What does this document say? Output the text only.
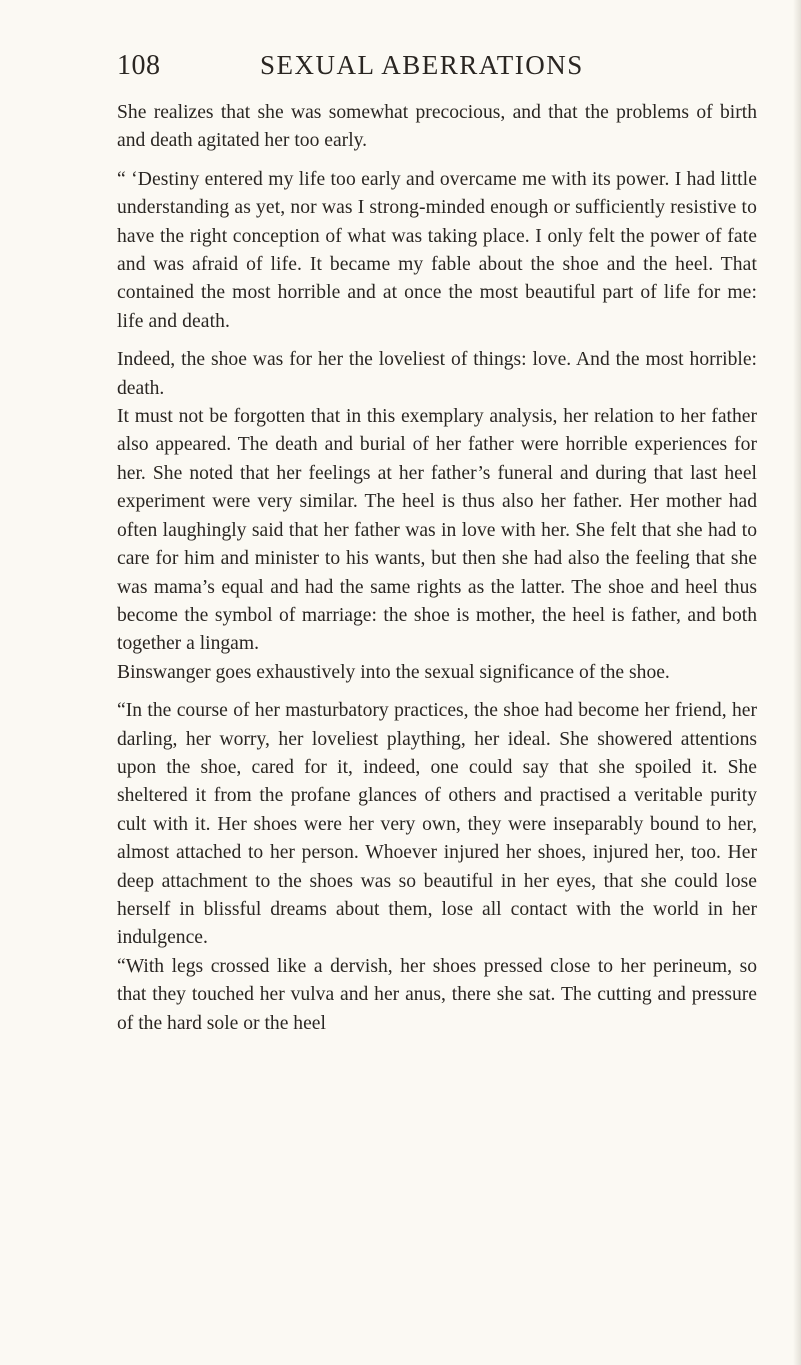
108	SEXUAL ABERRATIONS

She realizes that she was somewhat precocious, and that the problems of birth and death agitated her too early.

“ ‘Destiny entered my life too early and overcame me with its power. I had little understanding as yet, nor was I strong-minded enough or sufficiently resistive to have the right conception of what was taking place. I only felt the power of fate and was afraid of life. It became my fable about the shoe and the heel. That contained the most horrible and at once the most beautiful part of life for me: life and death.

Indeed, the shoe was for her the loveliest of things: love. And the most horrible: death.

It must not be forgotten that in this exemplary analysis, her relation to her father also appeared. The death and burial of her father were horrible experiences for her. She noted that her feelings at her father’s funeral and during that last heel experiment were very similar. The heel is thus also her father. Her mother had often laughingly said that her father was in love with her. She felt that she had to care for him and minister to his wants, but then she had also the feeling that she was mama’s equal and had the same rights as the latter. The shoe and heel thus become the symbol of marriage: the shoe is mother, the heel is father, and both together a lingam.

Binswanger goes exhaustively into the sexual significance of the shoe.

“In the course of her masturbatory practices, the shoe had become her friend, her darling, her worry, her loveliest plaything, her ideal. She showered attentions upon the shoe, cared for it, indeed, one could say that she spoiled it. She sheltered it from the profane glances of others and practised a veritable purity cult with it. Her shoes were her very own, they were inseparably bound to her, almost attached to her person. Whoever injured her shoes, injured her, too. Her deep attachment to the shoes was so beautiful in her eyes, that she could lose herself in blissful dreams about them, lose all contact with the world in her indulgence.

“With legs crossed like a dervish, her shoes pressed close to her perineum, so that they touched her vulva and her anus, there she sat. The cutting and pressure of the hard sole or the heel
